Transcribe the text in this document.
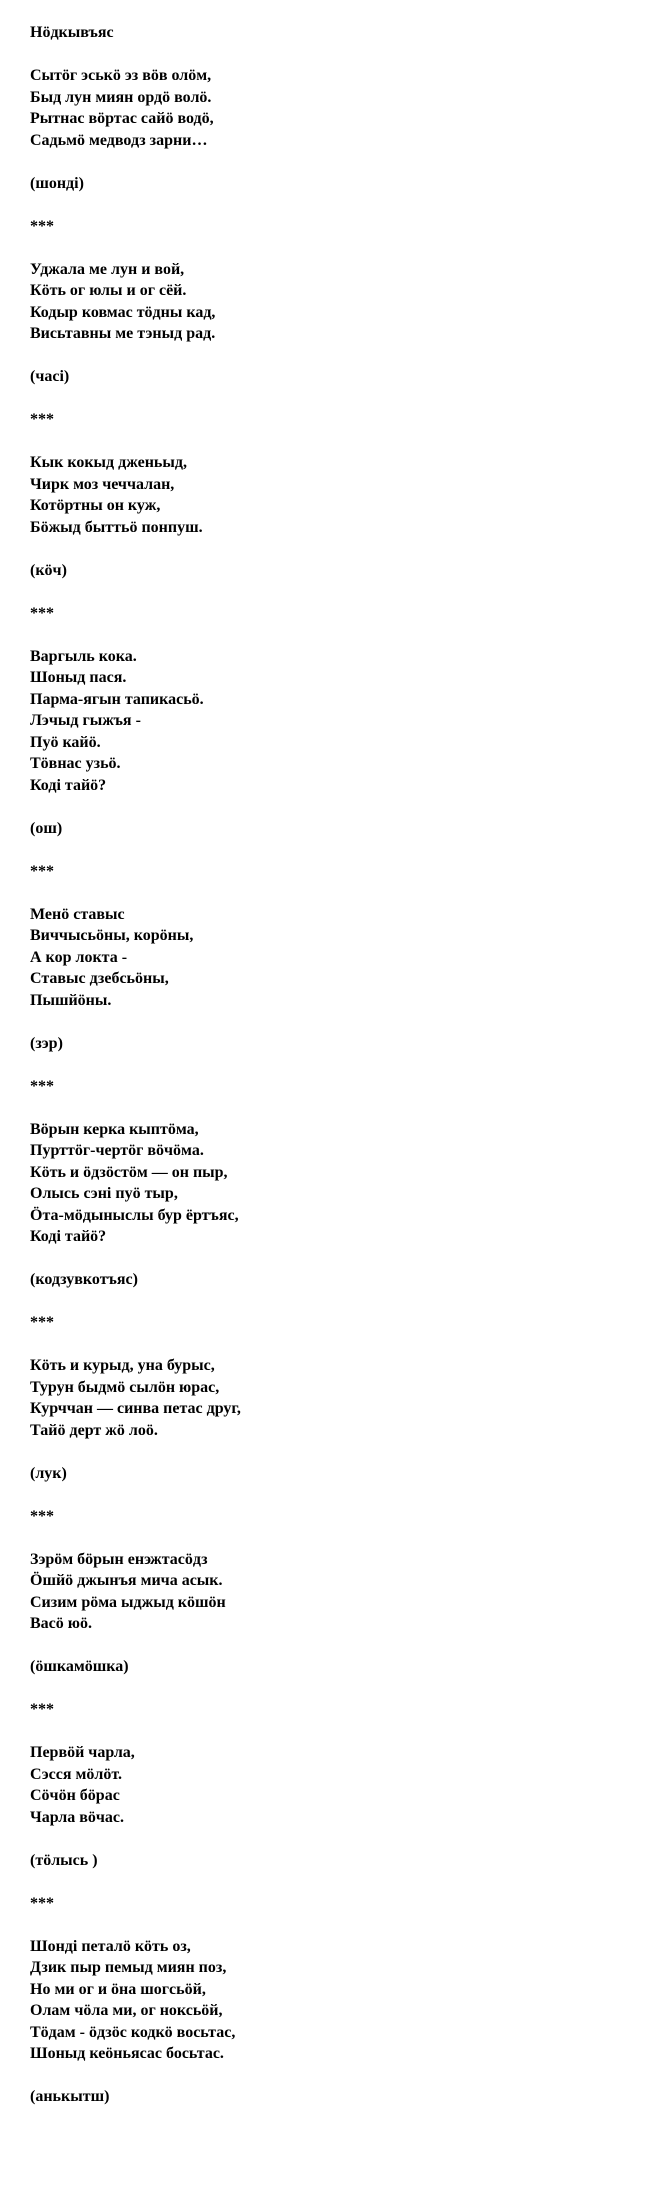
Нӧдкывъяс
Сытӧг эськӧ эз вӧв олӧм,
Быд лун миян ордӧ волӧ.
Рытнас вӧртас сайӧ водӧ,
Садьмӧ медводз зарни…
(шонді)
***
Уджала ме лун и вой,
Кӧть ог юлы и ог сёй.
Кодыр ковмас тӧдны кад,
Висьтавны ме тэныд рад.
(часі)
***
Кык кокыд дженьыд,
Чирк моз чеччалан,
Котӧртны он куж,
Бӧжыд быттьӧ понпуш.
(кӧч)
***
Варгыль кока.
Шоныд пася.
Парма-ягын тапикасьӧ.
Лэчыд гыжъя -
Пуӧ кайӧ.
Тӧвнас узьӧ.
Коді тайӧ?
(ош)
***
Менӧ ставыс
Виччысьӧны, корӧны,
А кор локта -
Ставыс дзебсьӧны,
Пышйӧны.
(зэр)
***
Вӧрын керка кыптӧма,
Пурттӧг-чертӧг вӧчӧма.
Кӧть и ӧдзöстӧм — он пыр,
Олысь сэні пуӧ тыр,
Ӧта-мӧдыныслы бур ёртъяс,
Коді тайӧ?
(кодзувкотъяс)
***
Кӧть и курыд, уна бурыс,
Турун быдмӧ сылӧн юрас,
Курччан — синва петас друг,
Тайӧ дерт жӧ лоӧ.
(лук)
***
Зэрӧм бӧрын енэжтасӧдз
Ӧшйӧ джынъя мича асык.
Сизим рӧма ыджыд кӧшӧн
Васӧ юӧ.
(ӧшкамӧшка)
***
Первӧй чарла,
Сэсся мӧлӧт.
Сӧчӧн бӧрас
Чарла вӧчас.
(тӧлысь )
***
Шонді петалӧ кӧть оз,
Дзик пыр пемыд миян поз,
Но ми ог и ӧна шогсьӧй,
Олам чӧла ми, ог ноксьӧй,
Тӧдам - ӧдзӧс кодкӧ восьтас,
Шоныд кеӧньясас босьтас.
(анькытш)
